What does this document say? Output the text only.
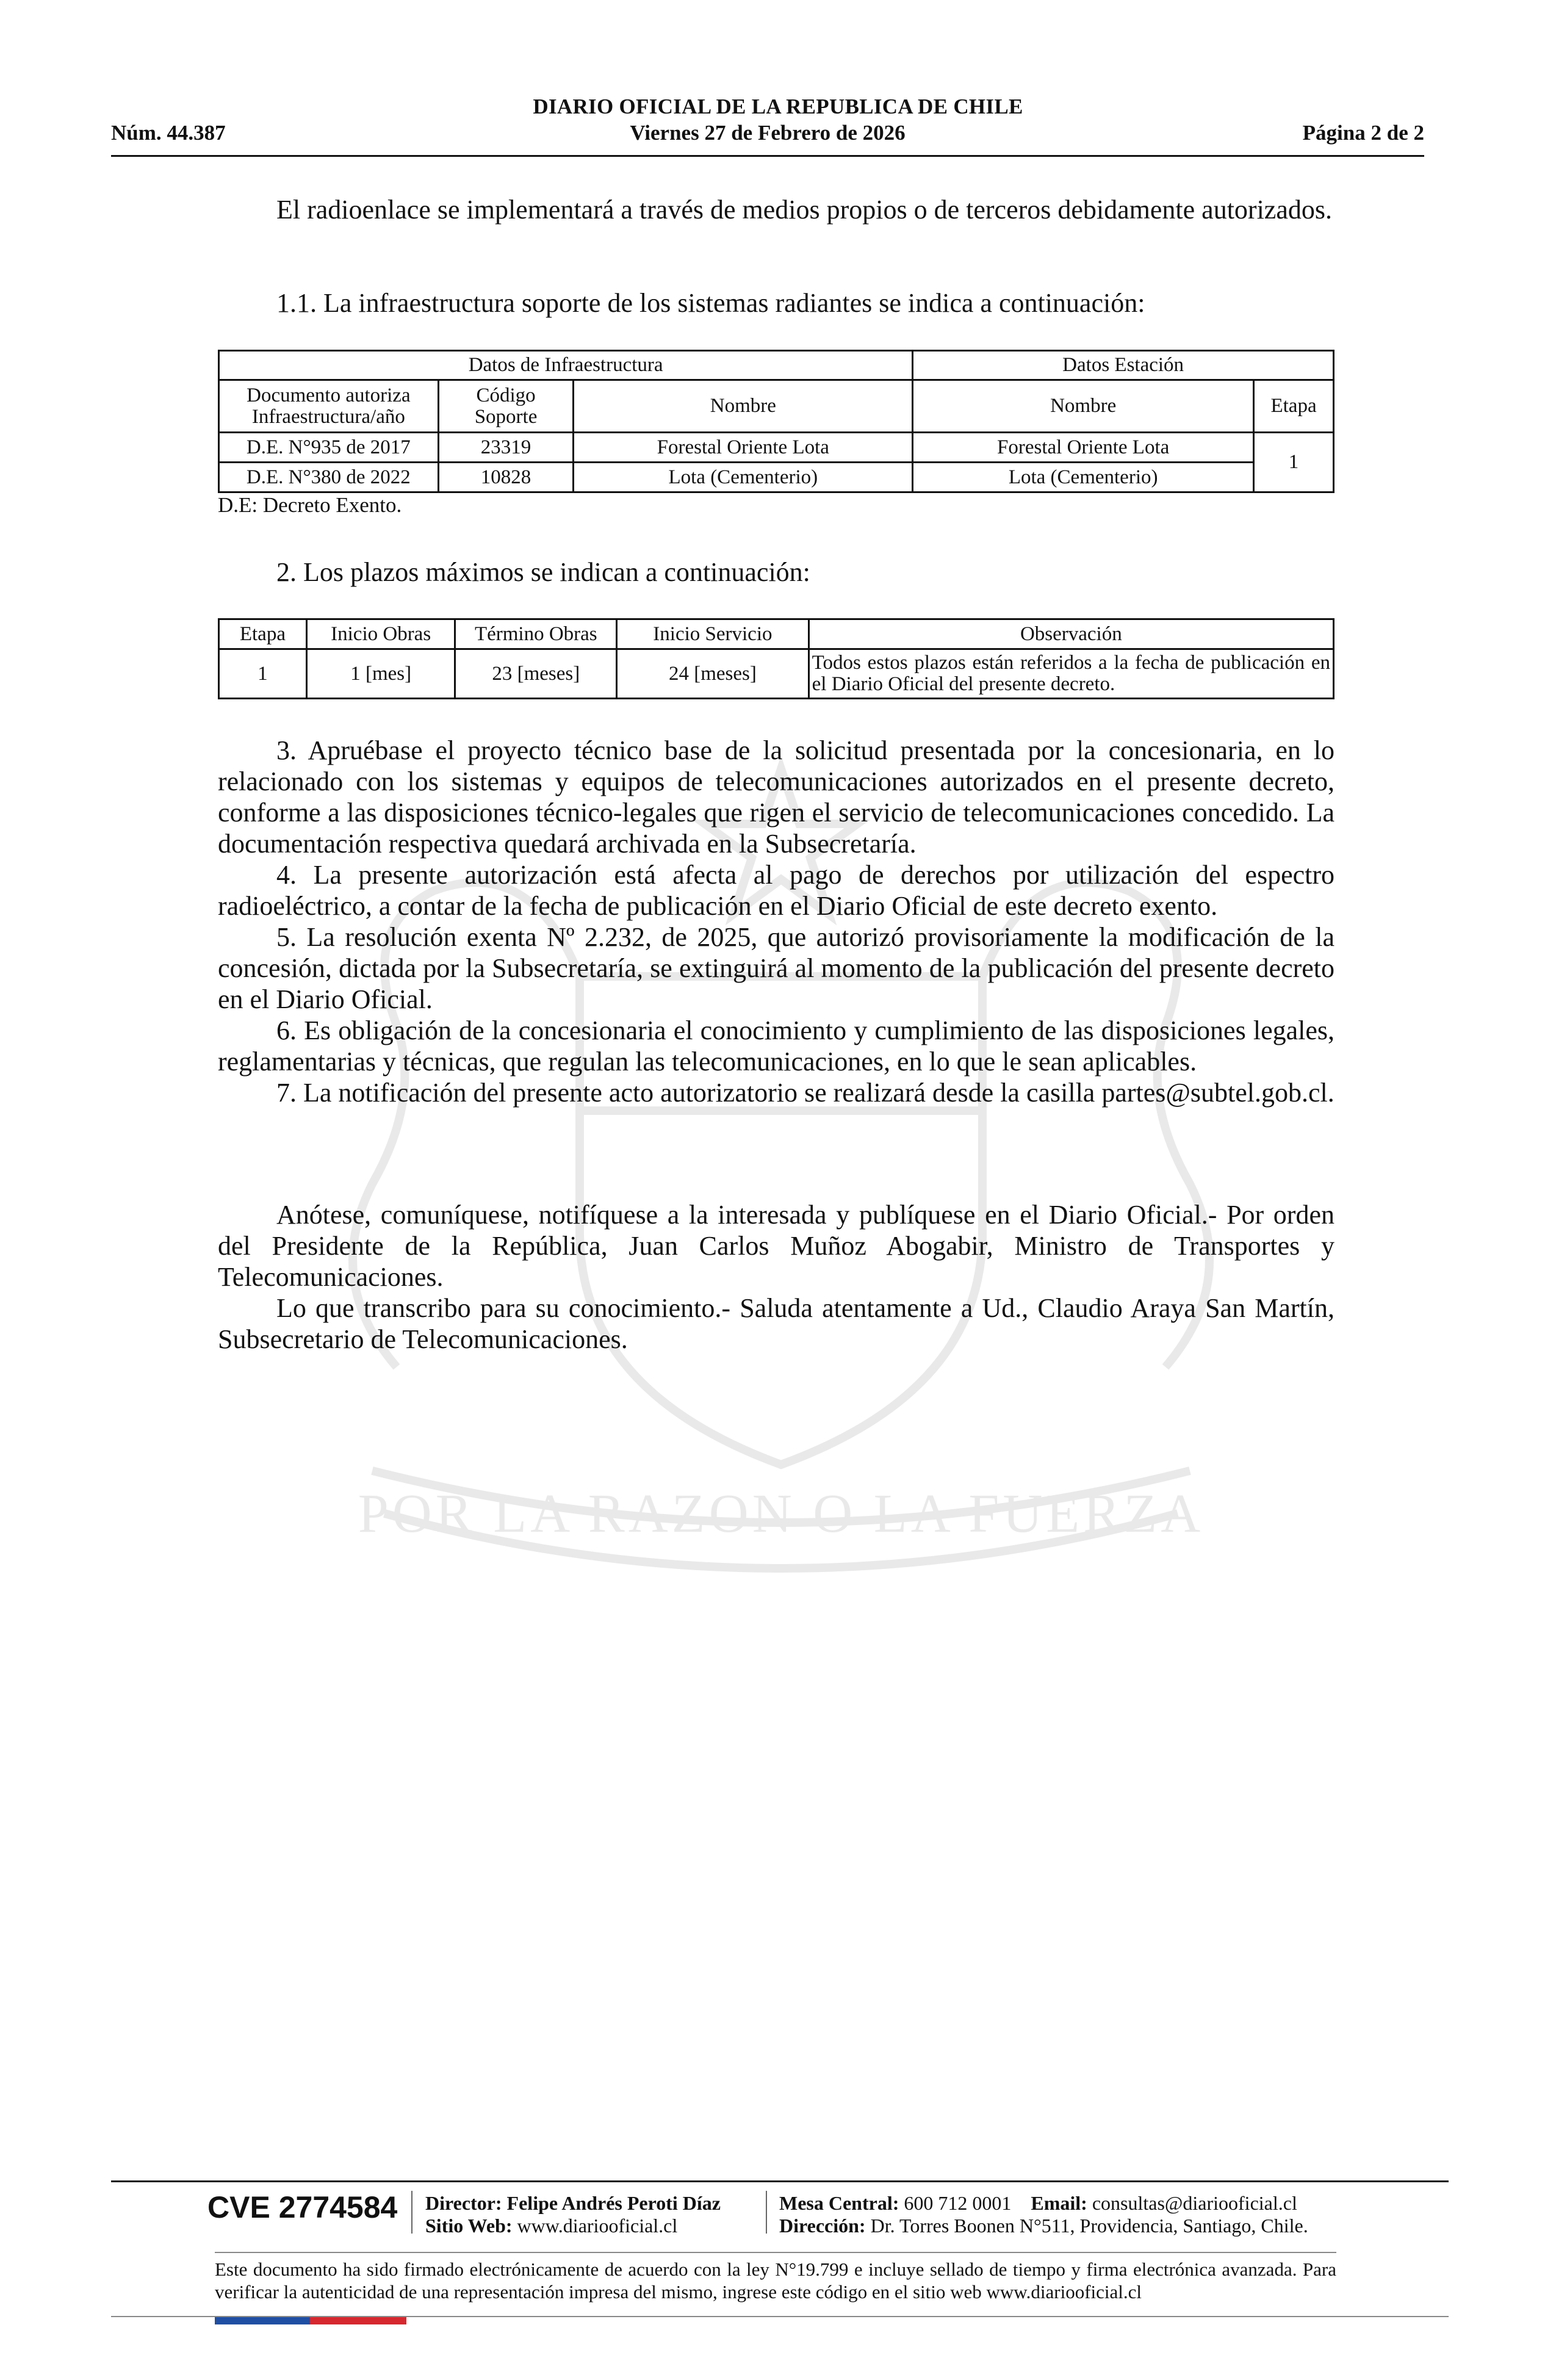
POR LA RAZON O LA FUERZA
DIARIO OFICIAL DE LA REPUBLICA DE CHILE
Núm. 44.387	Viernes 27 de Febrero de 2026	Página 2 de 2

El radioenlace se implementará a través de medios propios o de terceros debidamente autorizados.

1.1. La infraestructura soporte de los sistemas radiantes se indica a continuación:

Datos de Infraestructura			Datos Estación	
Documento autoriza Infraestructura/año	Código Soporte	Nombre	Nombre	Etapa
D.E. N°935 de 2017	23319	Forestal Oriente Lota	Forestal Oriente Lota	1
D.E. N°380 de 2022	10828	Lota (Cementerio)	Lota (Cementerio)	
D.E: Decreto Exento.

2. Los plazos máximos se indican a continuación:

Etapa	Inicio Obras	Término Obras	Inicio Servicio	Observación
1	1 [mes]	23 [meses]	24 [meses]	Todos estos plazos están referidos a la fecha de publicación en el Diario Oficial del presente decreto.

3. Apruébase el proyecto técnico base de la solicitud presentada por la concesionaria, en lo relacionado con los sistemas y equipos de telecomunicaciones autorizados en el presente decreto, conforme a las disposiciones técnico-legales que rigen el servicio de telecomunicaciones concedido. La documentación respectiva quedará archivada en la Subsecretaría.

4. La presente autorización está afecta al pago de derechos por utilización del espectro radioeléctrico, a contar de la fecha de publicación en el Diario Oficial de este decreto exento.

5. La resolución exenta Nº 2.232, de 2025, que autorizó provisoriamente la modificación de la concesión, dictada por la Subsecretaría, se extinguirá al momento de la publicación del presente decreto en el Diario Oficial.

6. Es obligación de la concesionaria el conocimiento y cumplimiento de las disposiciones legales, reglamentarias y técnicas, que regulan las telecomunicaciones, en lo que le sean aplicables.

7. La notificación del presente acto autorizatorio se realizará desde la casilla partes@subtel.gob.cl.

Anótese, comuníquese, notifíquese a la interesada y publíquese en el Diario Oficial.- Por orden del Presidente de la República, Juan Carlos Muñoz Abogabir, Ministro de Transportes y Telecomunicaciones.

Lo que transcribo para su conocimiento.- Saluda atentamente a Ud., Claudio Araya San Martín, Subsecretario de Telecomunicaciones.

CVE 2774584 Director: Felipe Andrés Peroti Díaz
Sitio Web: www.diariooficial.cl
Mesa Central: 600 712 0001 Email: consultas@diariooficial.cl
Dirección: Dr. Torres Boonen N°511, Providencia, Santiago, Chile.
Este documento ha sido firmado electrónicamente de acuerdo con la ley N°19.799 e incluye sellado de tiempo y firma electrónica avanzada. Para verificar la autenticidad de una representación impresa del mismo, ingrese este código en el sitio web www.diariooficial.cl
